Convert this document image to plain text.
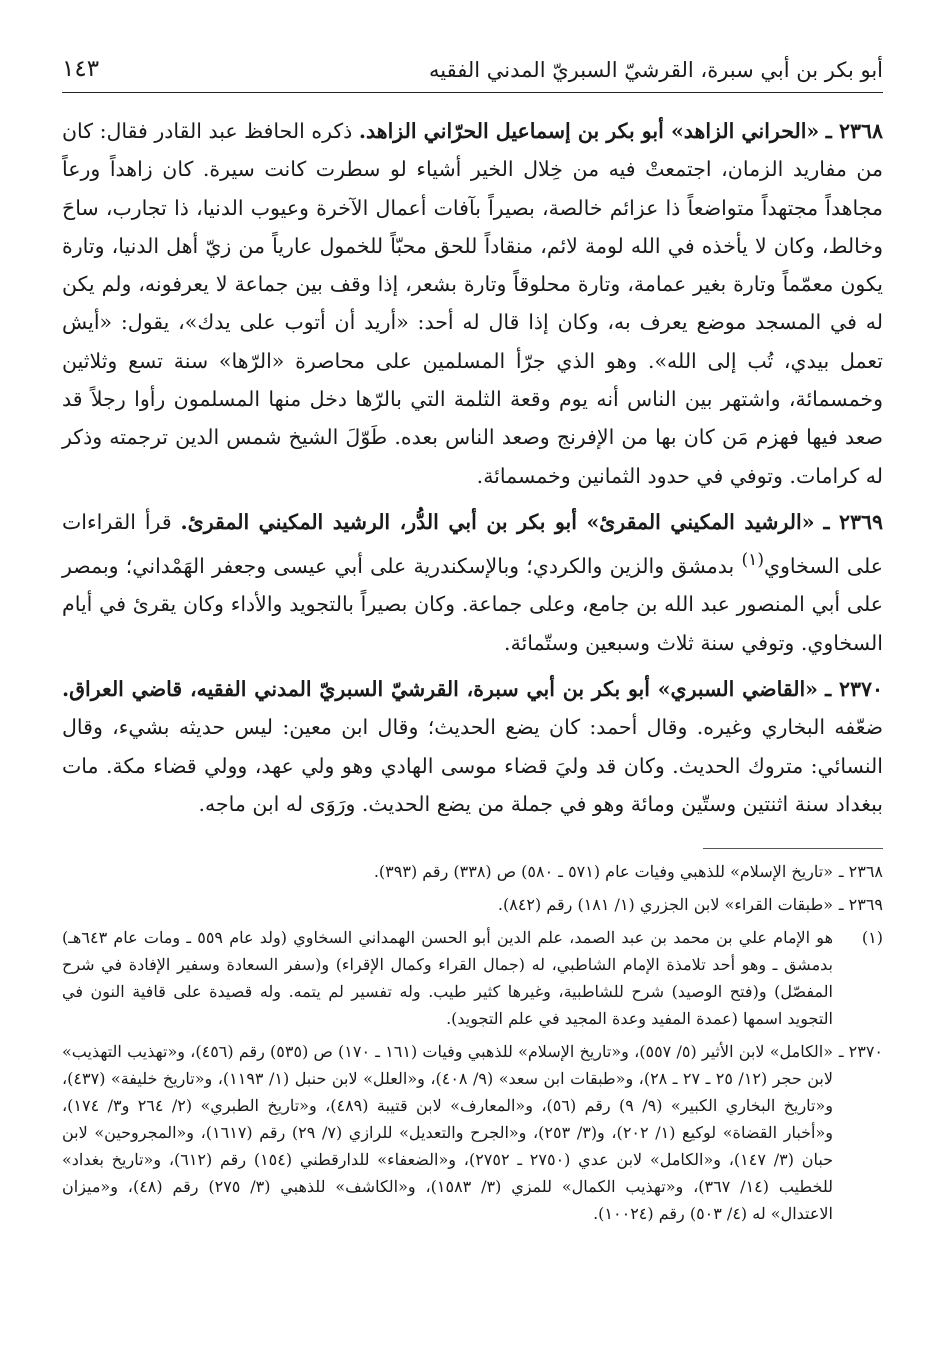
أبو بكر بن أبي سبرة، القرشيّ السبريّ المدني الفقيه
١٤٣

٢٣٦٨ ـ «الحراني الزاهد» أبو بكر بن إسماعيل الحرّاني الزاهد. ذكره الحافظ عبد القادر فقال: كان من مفاريد الزمان، اجتمعتْ فيه من خِلال الخير أشياء لو سطرت كانت سيرة. كان زاهداً ورعاً مجاهداً مجتهداً متواضعاً ذا عزائم خالصة، بصيراً بآفات أعمال الآخرة وعيوب الدنيا، ذا تجارب، ساحَ وخالط، وكان لا يأخذه في الله لومة لائم، منقاداً للحق محبّاً للخمول عارياً من زيّ أهل الدنيا، وتارة يكون معمّماً وتارة بغير عمامة، وتارة محلوقاً وتارة بشعر، إذا وقف بين جماعة لا يعرفونه، ولم يكن له في المسجد موضع يعرف به، وكان إذا قال له أحد: «أريد أن أتوب على يدك»، يقول: «أيش تعمل بيدي، تُب إلى الله». وهو الذي جرّأ المسلمين على محاصرة «الرّها» سنة تسع وثلاثين وخمسمائة، واشتهر بين الناس أنه يوم وقعة الثلمة التي بالرّها دخل منها المسلمون رأوا رجلاً قد صعد فيها فهزم مَن كان بها من الإفرنج وصعد الناس بعده. طَوّلَ الشيخ شمس الدين ترجمته وذكر له كرامات. وتوفي في حدود الثمانين وخمسمائة.

٢٣٦٩ ـ «الرشيد المكيني المقرئ» أبو بكر بن أبي الدُّر، الرشيد المكيني المقرئ. قرأ القراءات على السخاوي$^{(١)}$ بدمشق والزين والكردي؛ وبالإسكندرية على أبي عيسى وجعفر الهَمْداني؛ وبمصر على أبي المنصور عبد الله بن جامع، وعلى جماعة. وكان بصيراً بالتجويد والأداء وكان يقرئ في أيام السخاوي. وتوفي سنة ثلاث وسبعين وستّمائة.

٢٣٧٠ ـ «القاضي السبري» أبو بكر بن أبي سبرة، القرشيّ السبريّ المدني الفقيه، قاضي العراق. ضعّفه البخاري وغيره. وقال أحمد: كان يضع الحديث؛ وقال ابن معين: ليس حديثه بشيء، وقال النسائي: متروك الحديث. وكان قد وليَ قضاء موسى الهادي وهو ولي عهد، وولي قضاء مكة. مات ببغداد سنة اثنتين وستّين ومائة وهو في جملة من يضع الحديث. ورَوَى له ابن ماجه.

٢٣٦٨ ـ
«تاريخ الإسلام» للذهبي وفيات عام (٥٧١ ـ ٥٨٠) ص (٣٣٨) رقم (٣٩٣).
٢٣٦٩ ـ
«طبقات القراء» لابن الجزري (١/ ١٨١) رقم (٨٤٢).
(١)
هو الإمام علي بن محمد بن عبد الصمد، علم الدين أبو الحسن الهمداني السخاوي (ولد عام ٥٥٩ ـ ومات عام ٦٤٣هـ) بدمشق ـ وهو أحد تلامذة الإمام الشاطبي، له (جمال القراء وكمال الإقراء) و(سفر السعادة وسفير الإفادة في شرح المفصّل) و(فتح الوصيد) شرح للشاطبية، وغيرها كثير طيب. وله تفسير لم يتمه. وله قصيدة على قافية النون في التجويد اسمها (عمدة المفيد وعدة المجيد في علم التجويد).
٢٣٧٠ ـ
«الكامل» لابن الأثير (٥/ ٥٥٧)، و«تاريخ الإسلام» للذهبي وفيات (١٦١ ـ ١٧٠) ص (٥٣٥) رقم (٤٥٦)، و«تهذيب التهذيب» لابن حجر (١٢/ ٢٥ ـ ٢٧ ـ ٢٨)، و«طبقات ابن سعد» (٩/ ٤٠٨)، و«العلل» لابن حنبل (١/ ١١٩٣)، و«تاريخ خليفة» (٤٣٧)، و«تاريخ البخاري الكبير» (٩/ ٩) رقم (٥٦)، و«المعارف» لابن قتيبة (٤٨٩)، و«تاريخ الطبري» (٢/ ٢٦٤ و٣/ ١٧٤)، و«أخبار القضاة» لوكيع (١/ ٢٠٢)، و(٣/ ٢٥٣)، و«الجرح والتعديل» للرازي (٧/ ٢٩) رقم (١٦١٧)، و«المجروحين» لابن حبان (٣/ ١٤٧)، و«الكامل» لابن عدي (٢٧٥٠ ـ ٢٧٥٢)، و«الضعفاء» للدارقطني (١٥٤) رقم (٦١٢)، و«تاريخ بغداد» للخطيب (١٤/ ٣٦٧)، و«تهذيب الكمال» للمزي (٣/ ١٥٨٣)، و«الكاشف» للذهبي (٣/ ٢٧٥) رقم (٤٨)، و«ميزان الاعتدال» له (٤/ ٥٠٣) رقم (١٠٠٢٤).
